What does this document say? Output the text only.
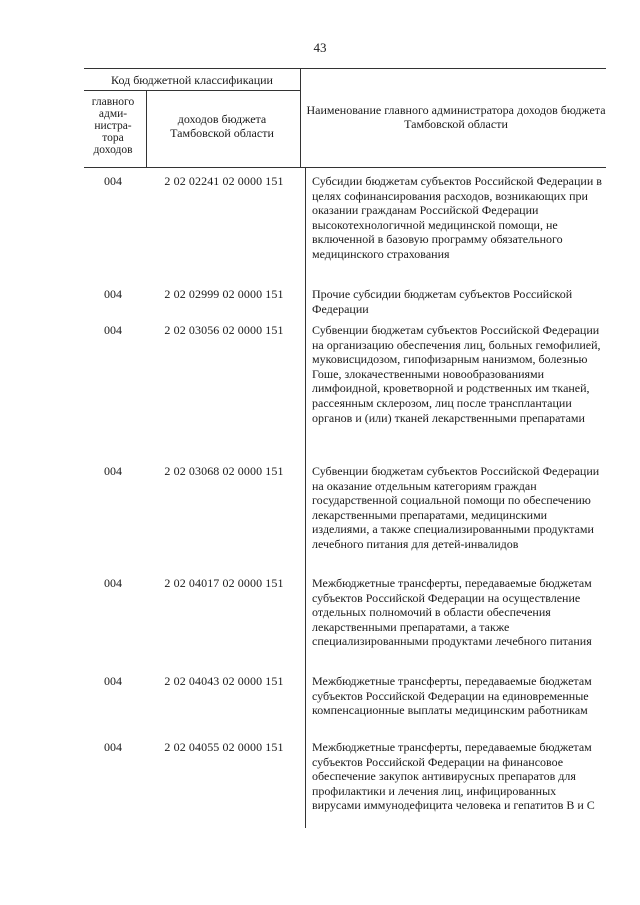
43
Код бюджетной классификации
главного адми-нистра-тора доходов
доходов бюджета Тамбовской области
Наименование главного администратора доходов бюджета Тамбовской области
004	2 02 02241 02 0000 151	Субсидии бюджетам субъектов Российской Федерации в целях софинансирования расходов, возникающих при оказании гражданам Российской Федерации высокотехнологичной медицинской помощи, не включенной в базовую программу обязательного медицинского страхования
004	2 02 02999 02 0000 151	Прочие субсидии бюджетам субъектов Российской Федерации
004	2 02 03056 02 0000 151	Субвенции бюджетам субъектов Российской Федерации на организацию обеспечения лиц, больных гемофилией, муковисцидозом, гипофизарным нанизмом, болезнью Гоше, злокачественными новообразованиями лимфоидной, кроветворной и родственных им тканей, рассеянным склерозом, лиц после трансплантации органов и (или) тканей лекарственными препаратами
004	2 02 03068 02 0000 151	Субвенции бюджетам субъектов Российской Федерации на оказание отдельным категориям граждан государственной социальной помощи по обеспечению лекарственными препаратами, медицинскими изделиями, а также специализированными продуктами лечебного питания для детей-инвалидов
004	2 02 04017 02 0000 151	Межбюджетные трансферты, передаваемые бюджетам субъектов Российской Федерации на осуществление отдельных полномочий в области обеспечения лекарственными препаратами, а также специализированными продуктами лечебного питания
004	2 02 04043 02 0000 151	Межбюджетные трансферты, передаваемые бюджетам субъектов Российской Федерации на единовременные компенсационные выплаты медицинским работникам
004	2 02 04055 02 0000 151	Межбюджетные трансферты, передаваемые бюджетам субъектов Российской Федерации на финансовое обеспечение закупок антивирусных препаратов для профилактики и лечения лиц, инфицированных вирусами иммунодефицита человека и гепатитов В и С
